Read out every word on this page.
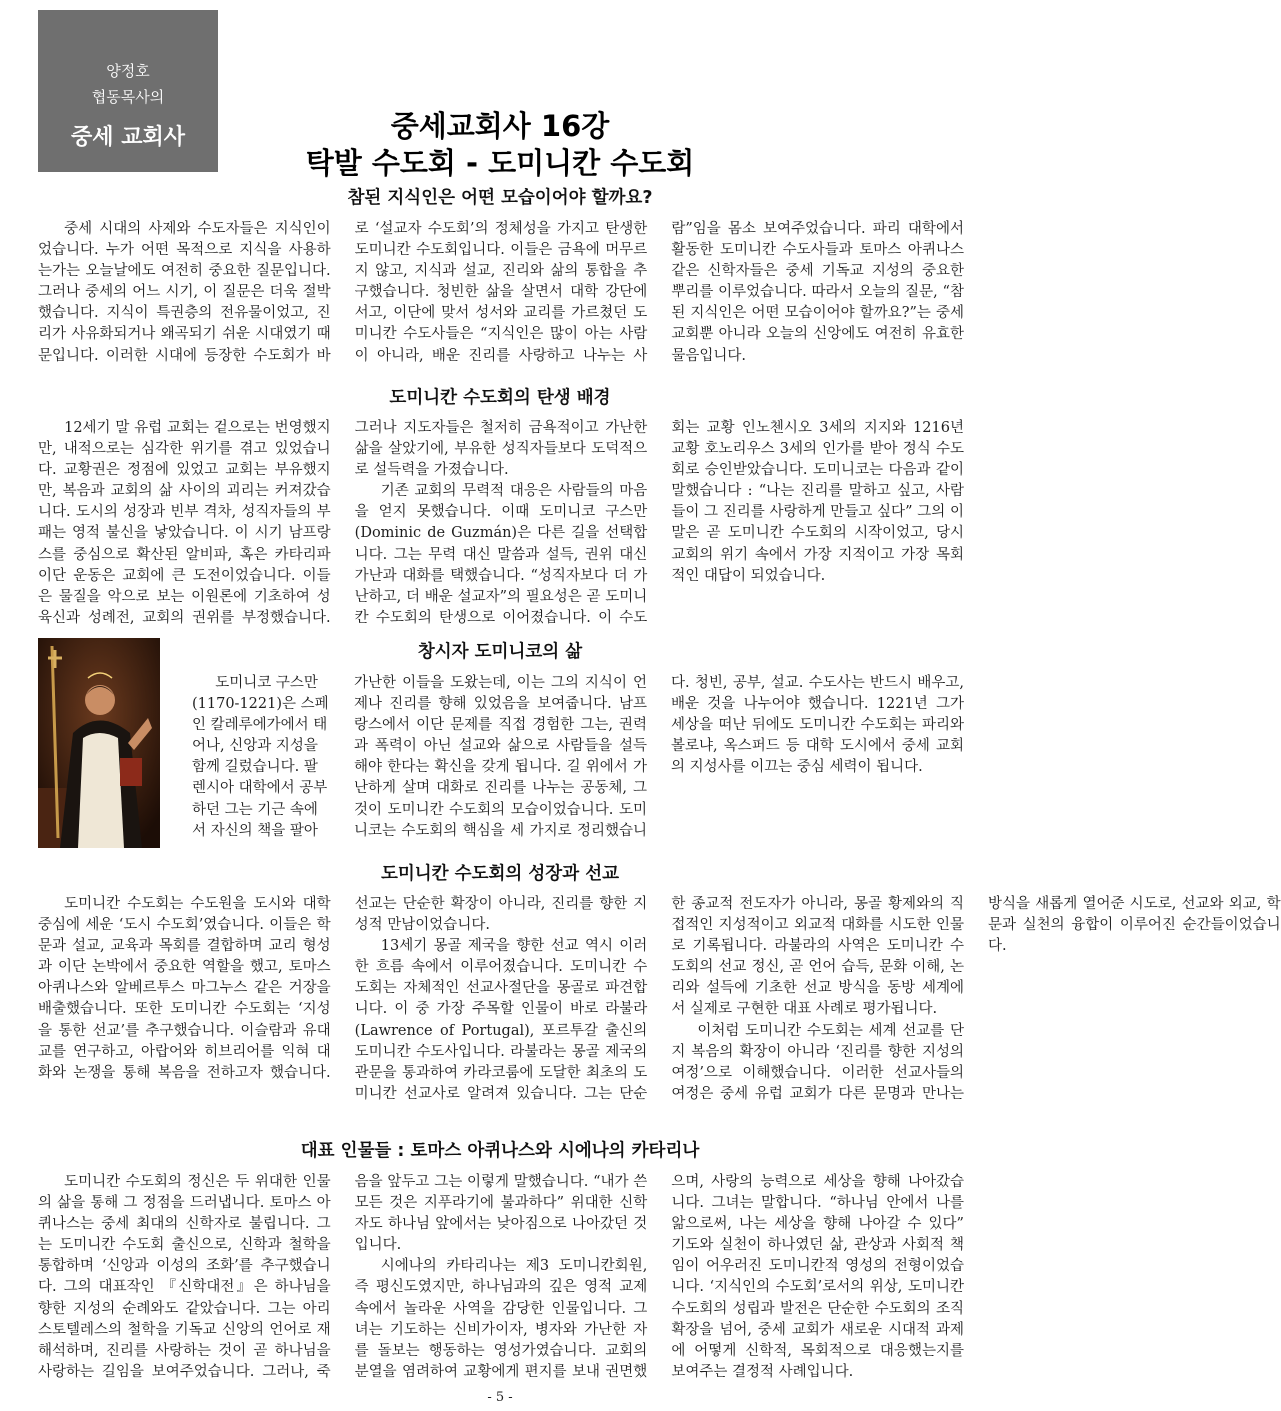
양정호
협동목사의
중세 교회사	중세교회사 16강
탁발 수도회 - 도미니칸 수도회
참된 지식인은 어떤 모습이어야 할까요?

중세 시대의 사제와 수도자들은 지식인이었습니다. 누가 어떤 목적으로 지식을 사용하는가는 오늘날에도 여전히 중요한 질문입니다. 그러나 중세의 어느 시기, 이 질문은 더욱 절박했습니다. 지식이 특권층의 전유물이었고, 진리가 사유화되거나 왜곡되기 쉬운 시대였기 때문입니다. 이러한 시대에 등장한 수도회가 바로 ‘설교자 수도회’의 정체성을 가지고 탄생한 도미니칸 수도회입니다. 이들은 금욕에 머무르지 않고, 지식과 설교, 진리와 삶의 통합을 추구했습니다. 청빈한 삶을 살면서 대학 강단에 서고, 이단에 맞서 성서와 교리를 가르쳤던 도미니칸 수도사들은 “지식인은 많이 아는 사람이 아니라, 배운 진리를 사랑하고 나누는 사람”임을 몸소 보여주었습니다. 파리 대학에서 활동한 도미니칸 수도사들과 토마스 아퀴나스 같은 신학자들은 중세 기독교 지성의 중요한 뿌리를 이루었습니다. 따라서 오늘의 질문, “참된 지식인은 어떤 모습이어야 할까요?”는 중세 교회뿐 아니라 오늘의 신앙에도 여전히 유효한 물음입니다.

도미니칸 수도회의 탄생 배경

12세기 말 유럽 교회는 겉으로는 번영했지만, 내적으로는 심각한 위기를 겪고 있었습니다. 교황권은 정점에 있었고 교회는 부유했지만, 복음과 교회의 삶 사이의 괴리는 커져갔습니다. 도시의 성장과 빈부 격차, 성직자들의 부패는 영적 불신을 낳았습니다. 이 시기 남프랑스를 중심으로 확산된 알비파, 혹은 카타리파 이단 운동은 교회에 큰 도전이었습니다. 이들은 물질을 악으로 보는 이원론에 기초하여 성육신과 성례전, 교회의 권위를 부정했습니다. 그러나 지도자들은 철저히 금욕적이고 가난한 삶을 살았기에, 부유한 성직자들보다 도덕적으로 설득력을 가졌습니다.

기존 교회의 무력적 대응은 사람들의 마음을 얻지 못했습니다. 이때 도미니코 구스만(Dominic de Guzmán)은 다른 길을 선택합니다. 그는 무력 대신 말씀과 설득, 권위 대신 가난과 대화를 택했습니다. “성직자보다 더 가난하고, 더 배운 설교자”의 필요성은 곧 도미니칸 수도회의 탄생으로 이어졌습니다. 이 수도회는 교황 인노첸시오 3세의 지지와 1216년 교황 호노리우스 3세의 인가를 받아 정식 수도회로 승인받았습니다. 도미니코는 다음과 같이 말했습니다 : “나는 진리를 말하고 싶고, 사람들이 그 진리를 사랑하게 만들고 싶다” 그의 이 말은 곧 도미니칸 수도회의 시작이었고, 당시 교회의 위기 속에서 가장 지적이고 가장 목회적인 대답이 되었습니다.

창시자 도미니코의 삶
도미니코 구스만
(1170-1221)은 스페
인 칼레루에가에서 태
어나, 신앙과 지성을
함께 길렀습니다. 팔
렌시아 대학에서 공부
하던 그는 기근 속에
서 자신의 책을 팔아

가난한 이들을 도왔는데, 이는 그의 지식이 언제나 진리를 향해 있었음을 보여줍니다. 남프랑스에서 이단 문제를 직접 경험한 그는, 권력과 폭력이 아닌 설교와 삶으로 사람들을 설득해야 한다는 확신을 갖게 됩니다. 길 위에서 가난하게 살며 대화로 진리를 나누는 공동체, 그것이 도미니칸 수도회의 모습이었습니다. 도미니코는 수도회의 핵심을 세 가지로 정리했습니다. 청빈, 공부, 설교. 수도사는 반드시 배우고, 배운 것을 나누어야 했습니다. 1221년 그가 세상을 떠난 뒤에도 도미니칸 수도회는 파리와 볼로냐, 옥스퍼드 등 대학 도시에서 중세 교회의 지성사를 이끄는 중심 세력이 됩니다.

도미니칸 수도회의 성장과 선교

도미니칸 수도회는 수도원을 도시와 대학 중심에 세운 ‘도시 수도회’였습니다. 이들은 학문과 설교, 교육과 목회를 결합하며 교리 형성과 이단 논박에서 중요한 역할을 했고, 토마스 아퀴나스와 알베르투스 마그누스 같은 거장을 배출했습니다. 또한 도미니칸 수도회는 ‘지성을 통한 선교’를 추구했습니다. 이슬람과 유대교를 연구하고, 아랍어와 히브리어를 익혀 대화와 논쟁을 통해 복음을 전하고자 했습니다. 선교는 단순한 확장이 아니라, 진리를 향한 지성적 만남이었습니다.

13세기 몽골 제국을 향한 선교 역시 이러한 흐름 속에서 이루어졌습니다. 도미니칸 수도회는 자체적인 선교사절단을 몽골로 파견합니다. 이 중 가장 주목할 인물이 바로 라불라(Lawrence of Portugal), 포르투갈 출신의 도미니칸 수도사입니다. 라불라는 몽골 제국의 관문을 통과하여 카라코룸에 도달한 최초의 도미니칸 선교사로 알려져 있습니다. 그는 단순한 종교적 전도자가 아니라, 몽골 황제와의 직접적인 지성적이고 외교적 대화를 시도한 인물로 기록됩니다. 라불라의 사역은 도미니칸 수도회의 선교 정신, 곧 언어 습득, 문화 이해, 논리와 설득에 기초한 선교 방식을 동방 세계에서 실제로 구현한 대표 사례로 평가됩니다.

이처럼 도미니칸 수도회는 세계 선교를 단지 복음의 확장이 아니라 ‘진리를 향한 지성의 여정’으로 이해했습니다. 이러한 선교사들의 여정은 중세 유럽 교회가 다른 문명과 만나는 방식을 새롭게 열어준 시도로, 선교와 외교, 학문과 실천의 융합이 이루어진 순간들이었습니다.

대표 인물들 : 토마스 아퀴나스와 시에나의 카타리나

도미니칸 수도회의 정신은 두 위대한 인물의 삶을 통해 그 정점을 드러냅니다. 토마스 아퀴나스는 중세 최대의 신학자로 불립니다. 그는 도미니칸 수도회 출신으로, 신학과 철학을 통합하며 ‘신앙과 이성의 조화’를 추구했습니다. 그의 대표작인 『신학대전』은 하나님을 향한 지성의 순례와도 같았습니다. 그는 아리스토텔레스의 철학을 기독교 신앙의 언어로 재해석하며, 진리를 사랑하는 것이 곧 하나님을 사랑하는 길임을 보여주었습니다. 그러나, 죽음을 앞두고 그는 이렇게 말했습니다. “내가 쓴 모든 것은 지푸라기에 불과하다” 위대한 신학자도 하나님 앞에서는 낮아짐으로 나아갔던 것입니다.

시에나의 카타리나는 제3 도미니칸회원, 즉 평신도였지만, 하나님과의 깊은 영적 교제 속에서 놀라운 사역을 감당한 인물입니다. 그녀는 기도하는 신비가이자, 병자와 가난한 자를 돌보는 행동하는 영성가였습니다. 교회의 분열을 염려하여 교황에게 편지를 보내 권면했으며, 사랑의 능력으로 세상을 향해 나아갔습니다. 그녀는 말합니다. “하나님 안에서 나를 앎으로써, 나는 세상을 향해 나아갈 수 있다” 기도와 실천이 하나였던 삶, 관상과 사회적 책임이 어우러진 도미니칸적 영성의 전형이었습니다. ‘지식인의 수도회’로서의 위상, 도미니칸 수도회의 성립과 발전은 단순한 수도회의 조직 확장을 넘어, 중세 교회가 새로운 시대적 과제에 어떻게 신학적, 목회적으로 대응했는지를 보여주는 결정적 사례입니다.

- 5 -
